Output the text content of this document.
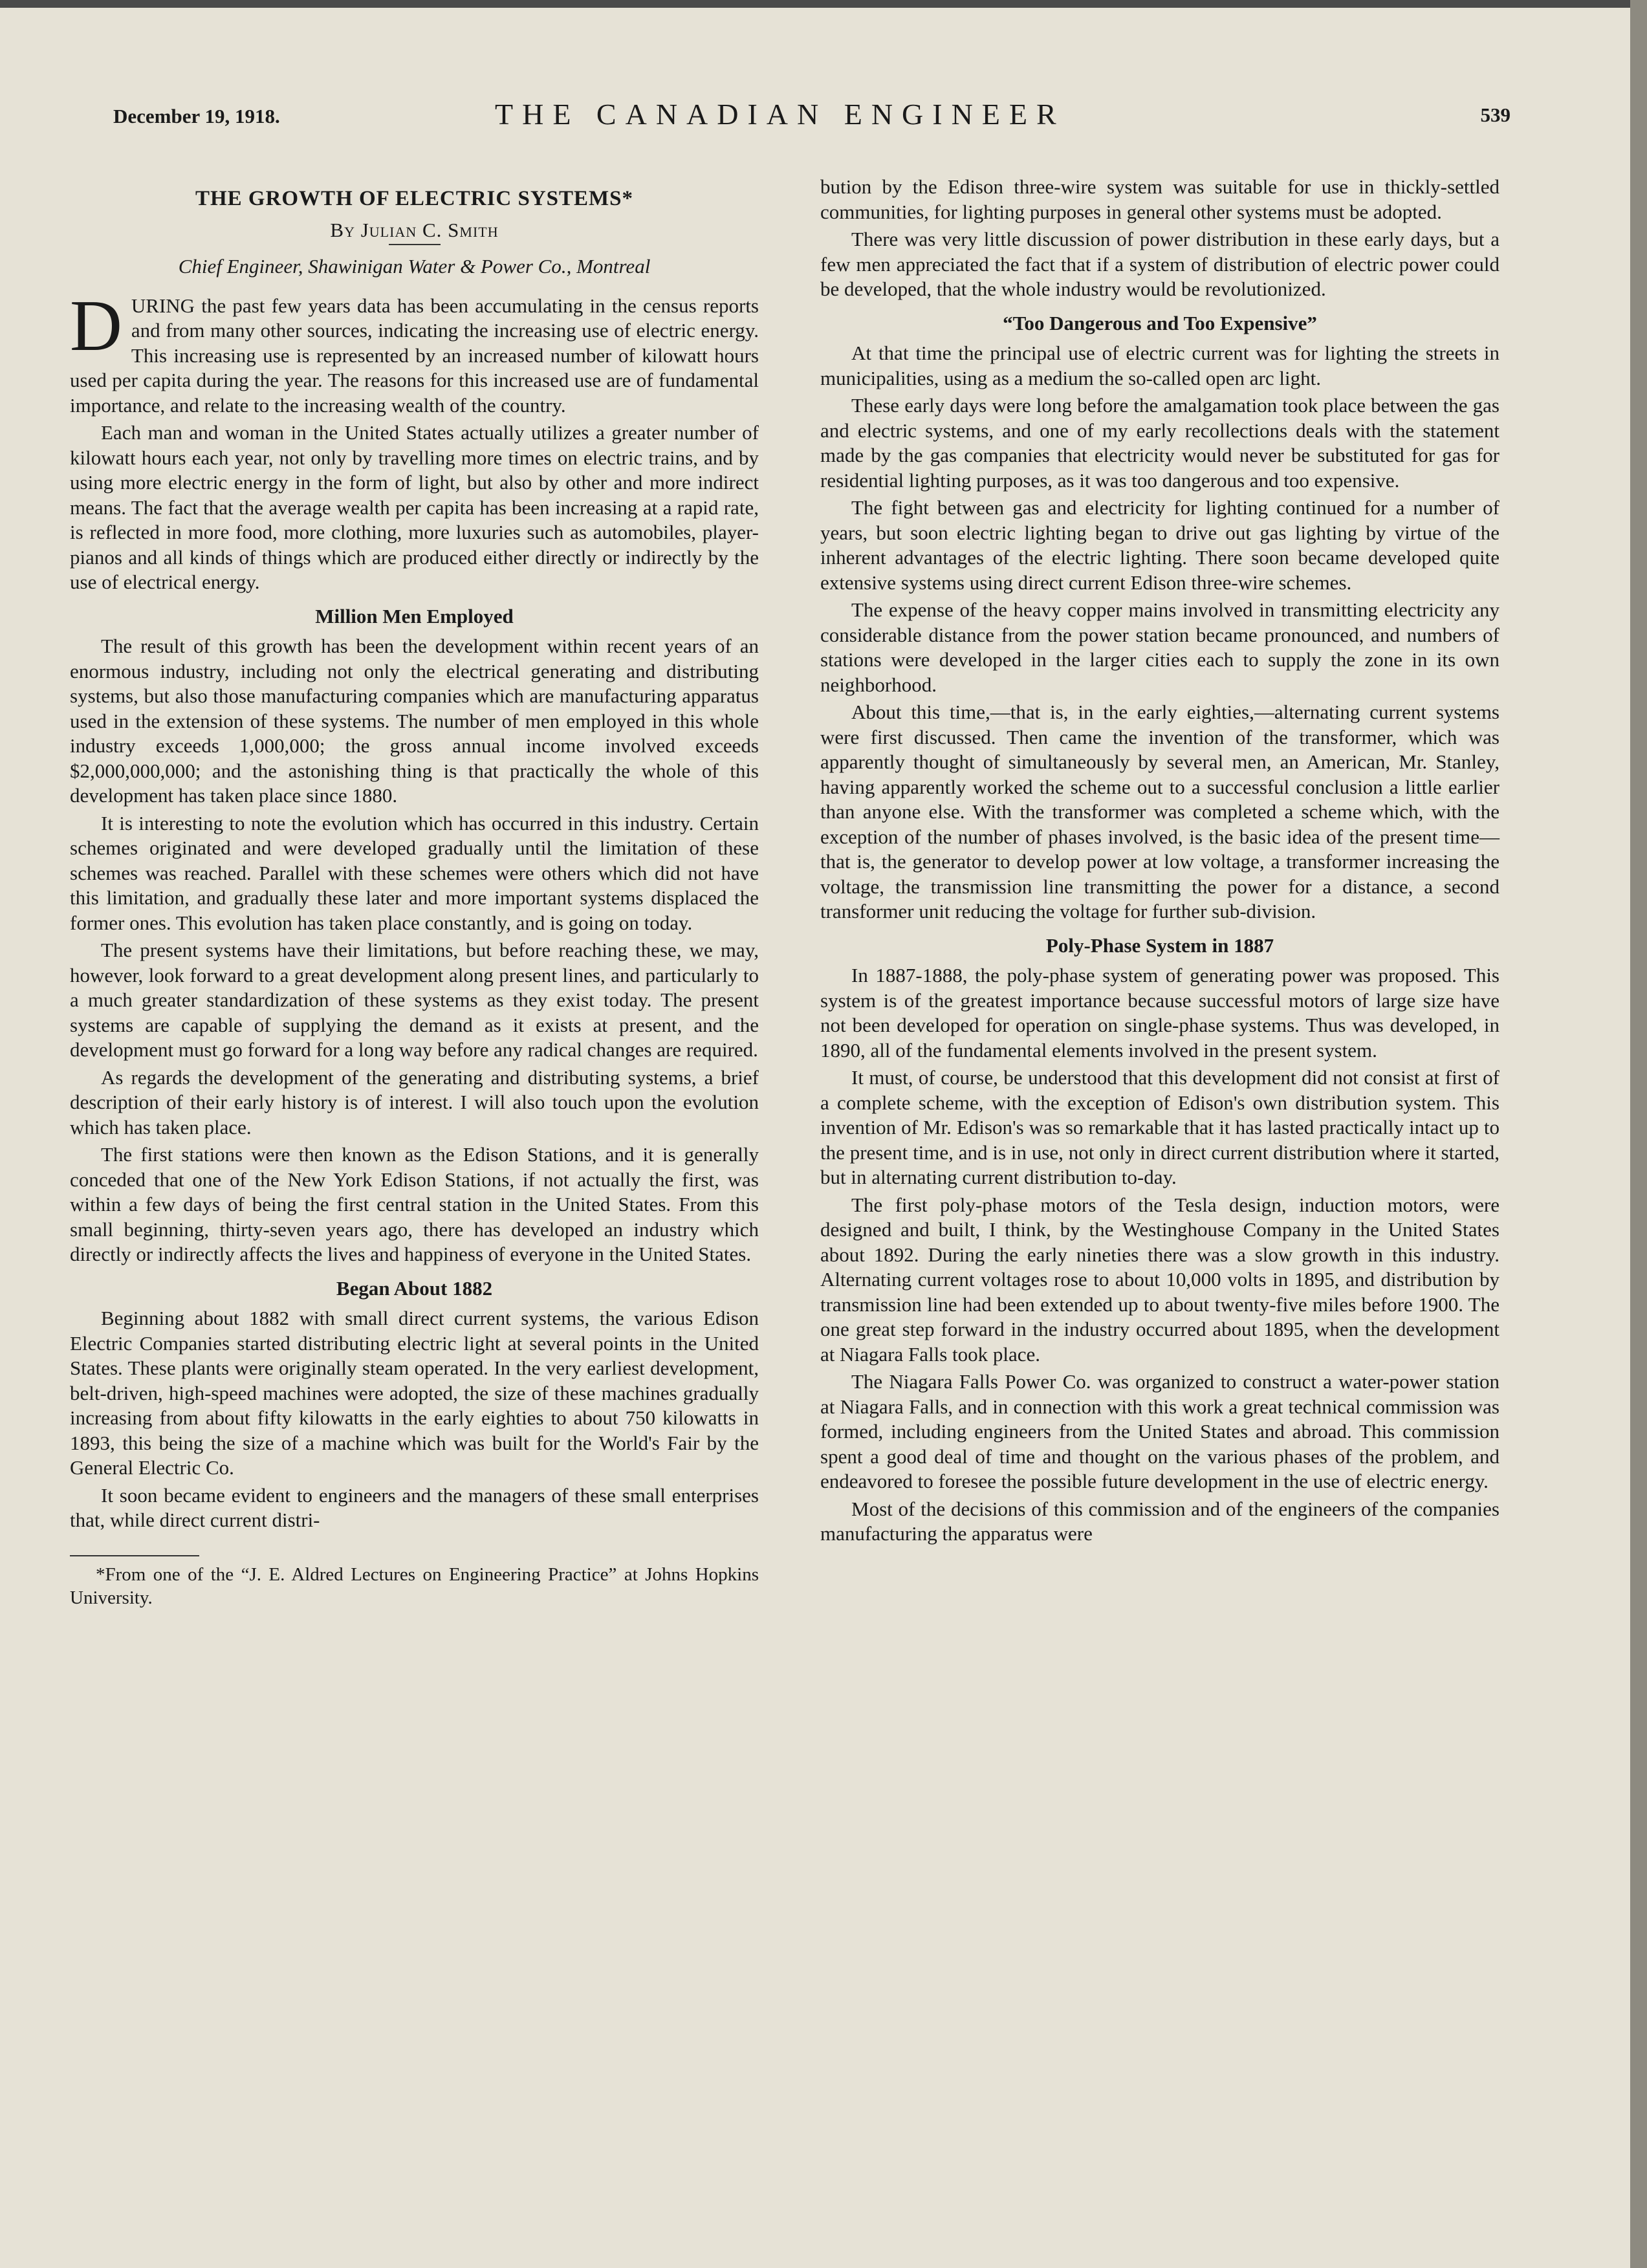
December 19, 1918.	THE CANADIAN ENGINEER	539
THE GROWTH OF ELECTRIC SYSTEMS*
By Julian C. Smith
Chief Engineer, Shawinigan Water & Power Co., Montreal

DURING the past few years data has been accumulating in the census reports and from many other sources, indicating the increasing use of electric energy. This increasing use is represented by an increased number of kilowatt hours used per capita during the year. The reasons for this increased use are of fundamental importance, and relate to the increasing wealth of the country.

Each man and woman in the United States actually utilizes a greater number of kilowatt hours each year, not only by travelling more times on electric trains, and by using more electric energy in the form of light, but also by other and more indirect means. The fact that the average wealth per capita has been increasing at a rapid rate, is reflected in more food, more clothing, more luxuries such as automobiles, player-pianos and all kinds of things which are produced either directly or indirectly by the use of electrical energy.

Million Men Employed

The result of this growth has been the development within recent years of an enormous industry, including not only the electrical generating and distributing systems, but also those manufacturing companies which are manufacturing apparatus used in the extension of these systems. The number of men employed in this whole industry exceeds 1,000,000; the gross annual income involved exceeds $2,000,000,000; and the astonishing thing is that practically the whole of this development has taken place since 1880.

It is interesting to note the evolution which has occurred in this industry. Certain schemes originated and were developed gradually until the limitation of these schemes was reached. Parallel with these schemes were others which did not have this limitation, and gradually these later and more important systems displaced the former ones. This evolution has taken place constantly, and is going on today.

The present systems have their limitations, but before reaching these, we may, however, look forward to a great development along present lines, and particularly to a much greater standardization of these systems as they exist today. The present systems are capable of supplying the demand as it exists at present, and the development must go forward for a long way before any radical changes are required.

As regards the development of the generating and distributing systems, a brief description of their early history is of interest. I will also touch upon the evolution which has taken place.

The first stations were then known as the Edison Stations, and it is generally conceded that one of the New York Edison Stations, if not actually the first, was within a few days of being the first central station in the United States. From this small beginning, thirty-seven years ago, there has developed an industry which directly or indirectly affects the lives and happiness of everyone in the United States.

Began About 1882

Beginning about 1882 with small direct current systems, the various Edison Electric Companies started distributing electric light at several points in the United States. These plants were originally steam operated. In the very earliest development, belt-driven, high-speed machines were adopted, the size of these machines gradually increasing from about fifty kilowatts in the early eighties to about 750 kilowatts in 1893, this being the size of a machine which was built for the World's Fair by the General Electric Co.

It soon became evident to engineers and the managers of these small enterprises that, while direct current distri-

*From one of the “J. E. Aldred Lectures on Engineering Practice” at Johns Hopkins University.

bution by the Edison three-wire system was suitable for use in thickly-settled communities, for lighting purposes in general other systems must be adopted.

There was very little discussion of power distribution in these early days, but a few men appreciated the fact that if a system of distribution of electric power could be developed, that the whole industry would be revolutionized.

“Too Dangerous and Too Expensive”

At that time the principal use of electric current was for lighting the streets in municipalities, using as a medium the so-called open arc light.

These early days were long before the amalgamation took place between the gas and electric systems, and one of my early recollections deals with the statement made by the gas companies that electricity would never be substituted for gas for residential lighting purposes, as it was too dangerous and too expensive.

The fight between gas and electricity for lighting continued for a number of years, but soon electric lighting began to drive out gas lighting by virtue of the inherent advantages of the electric lighting. There soon became developed quite extensive systems using direct current Edison three-wire schemes.

The expense of the heavy copper mains involved in transmitting electricity any considerable distance from the power station became pronounced, and numbers of stations were developed in the larger cities each to supply the zone in its own neighborhood.

About this time,—that is, in the early eighties,—alternating current systems were first discussed. Then came the invention of the transformer, which was apparently thought of simultaneously by several men, an American, Mr. Stanley, having apparently worked the scheme out to a successful conclusion a little earlier than anyone else. With the transformer was completed a scheme which, with the exception of the number of phases involved, is the basic idea of the present time—that is, the generator to develop power at low voltage, a transformer increasing the voltage, the transmission line transmitting the power for a distance, a second transformer unit reducing the voltage for further sub-division.

Poly-Phase System in 1887

In 1887-1888, the poly-phase system of generating power was proposed. This system is of the greatest importance because successful motors of large size have not been developed for operation on single-phase systems. Thus was developed, in 1890, all of the fundamental elements involved in the present system.

It must, of course, be understood that this development did not consist at first of a complete scheme, with the exception of Edison's own distribution system. This invention of Mr. Edison's was so remarkable that it has lasted practically intact up to the present time, and is in use, not only in direct current distribution where it started, but in alternating current distribution to-day.

The first poly-phase motors of the Tesla design, induction motors, were designed and built, I think, by the Westinghouse Company in the United States about 1892. During the early nineties there was a slow growth in this industry. Alternating current voltages rose to about 10,000 volts in 1895, and distribution by transmission line had been extended up to about twenty-five miles before 1900. The one great step forward in the industry occurred about 1895, when the development at Niagara Falls took place.

The Niagara Falls Power Co. was organized to construct a water-power station at Niagara Falls, and in connection with this work a great technical commission was formed, including engineers from the United States and abroad. This commission spent a good deal of time and thought on the various phases of the problem, and endeavored to foresee the possible future development in the use of electric energy.

Most of the decisions of this commission and of the engineers of the companies manufacturing the apparatus were
